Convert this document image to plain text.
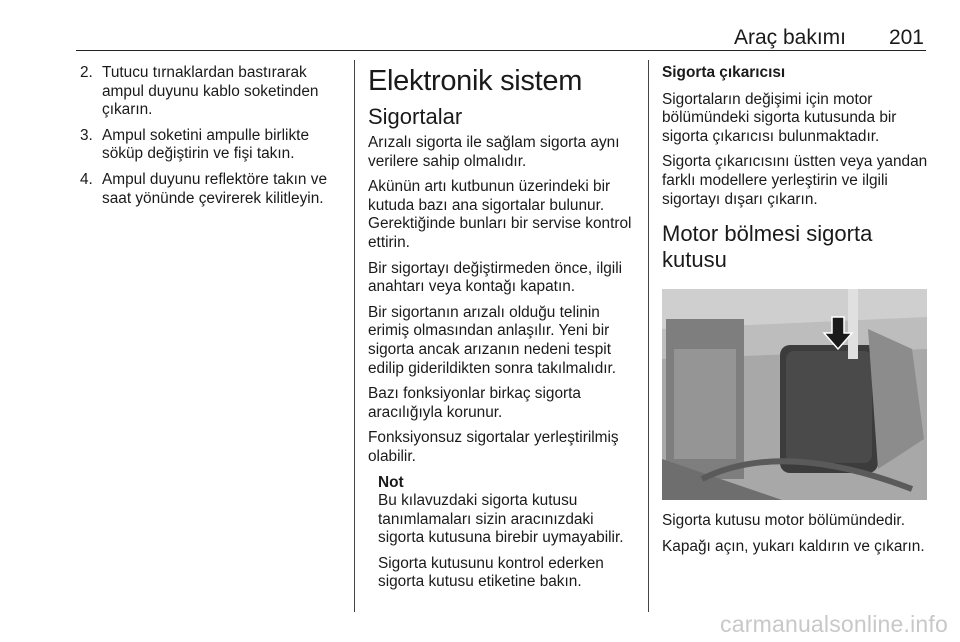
Araç bakımı 201
2. Tutucu tırnaklardan bastırarak ampul duyunu kablo soketinden çıkarın.
3. Ampul soketini ampulle birlikte söküp değiştirin ve fişi takın.
4. Ampul duyunu reflektöre takın ve saat yönünde çevirerek kilitleyin.
Elektronik sistem
Sigortalar

Arızalı sigorta ile sağlam sigorta aynı verilere sahip olmalıdır.

Akünün artı kutbunun üzerindeki bir kutuda bazı ana sigortalar bulunur. Gerektiğinde bunları bir servise kontrol ettirin.

Bir sigortayı değiştirmeden önce, ilgili anahtarı veya kontağı kapatın.

Bir sigortanın arızalı olduğu telinin erimiş olmasından anlaşılır. Yeni bir sigorta ancak arızanın nedeni tespit edilip giderildikten sonra takılmalıdır.

Bazı fonksiyonlar birkaç sigorta aracılığıyla korunur.

Fonksiyonsuz sigortalar yerleştirilmiş olabilir.

Not

Bu kılavuzdaki sigorta kutusu tanımlamaları sizin aracınızdaki sigorta kutusuna birebir uymayabilir.

Sigorta kutusunu kontrol ederken sigorta kutusu etiketine bakın.

Sigorta çıkarıcısı

Sigortaların değişimi için motor bölümündeki sigorta kutusunda bir sigorta çıkarıcısı bulunmaktadır.

Sigorta çıkarıcısını üstten veya yandan farklı modellere yerleştirin ve ilgili sigortayı dışarı çıkarın.

Motor bölmesi sigorta kutusu

Sigorta kutusu motor bölümündedir.

Kapağı açın, yukarı kaldırın ve çıkarın.

carmanualsonline.info
